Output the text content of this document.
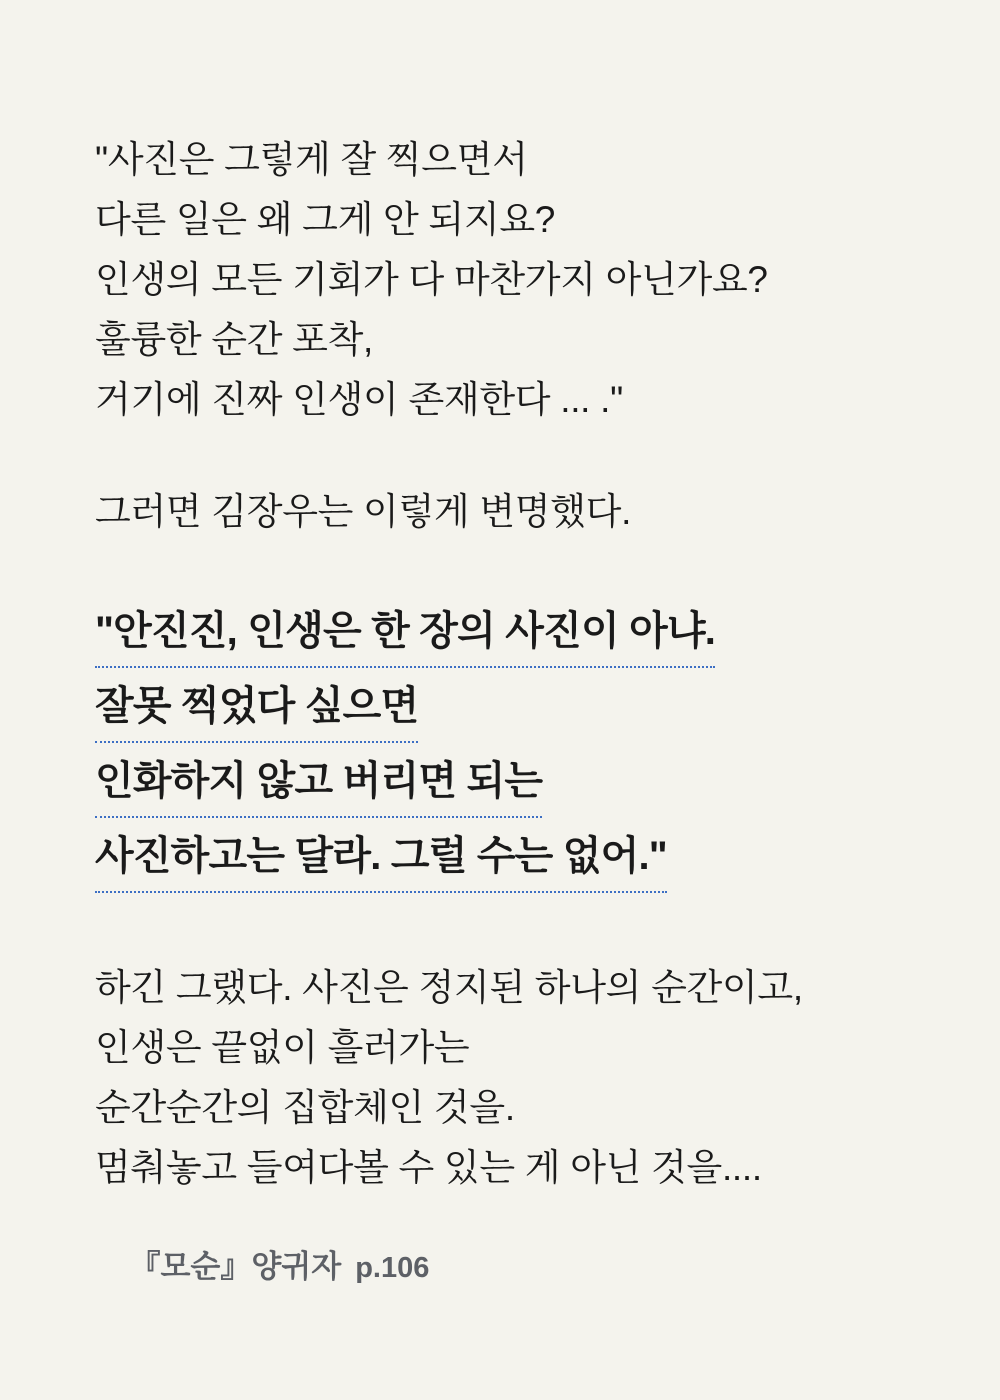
"사진은 그렇게 잘 찍으면서
다른 일은 왜 그게 안 되지요?
인생의 모든 기회가 다 마찬가지 아닌가요?
훌륭한 순간 포착,
거기에 진짜 인생이 존재한다 ... ."
그러면 김장우는 이렇게 변명했다.
"안진진, 인생은 한 장의 사진이 아냐.
잘못 찍었다 싶으면
인화하지 않고 버리면 되는
사진하고는 달라. 그럴 수는 없어."
하긴 그랬다. 사진은 정지된 하나의 순간이고,
인생은 끝없이 흘러가는
순간순간의 집합체인 것을.
멈춰놓고 들여다볼 수 있는 게 아닌 것을....

『모순』양귀자 p.106
